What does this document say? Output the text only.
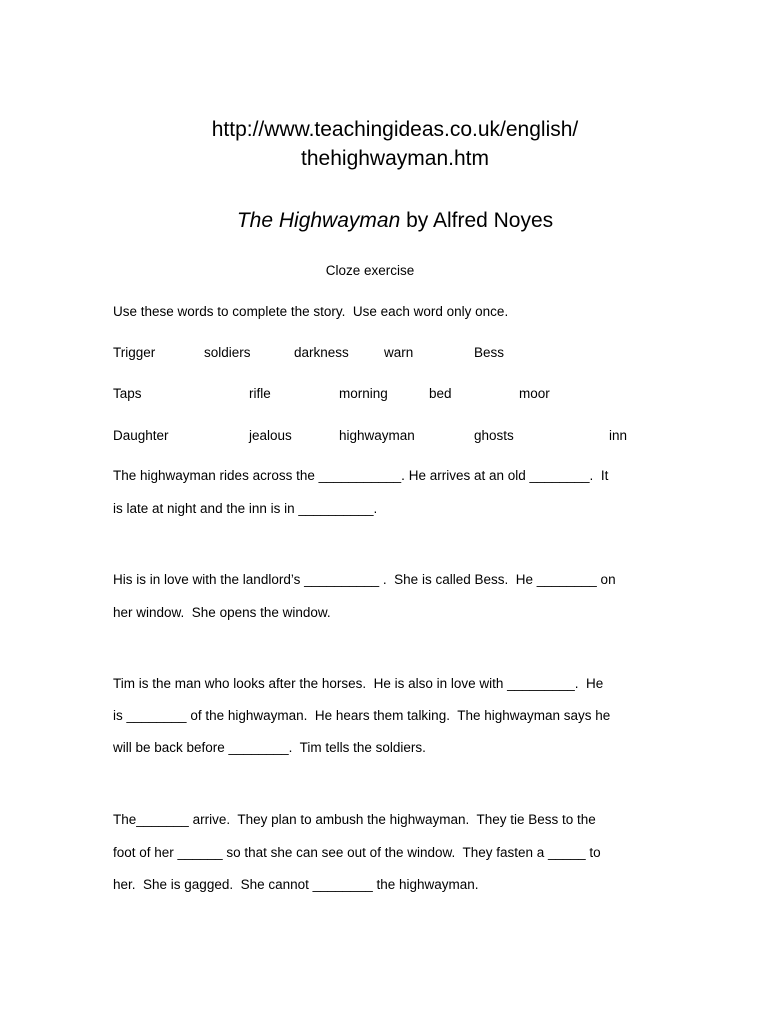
http://www.teachingideas.co.uk/english/
thehighwayman.htm
The Highwayman by Alfred Noyes
Cloze exercise
Use these words to complete the story.  Use each word only once.
Trigger	soldiers	darkness	warn	Bess
Taps	rifle	morning	bed	moor
Daughter	jealous	highwayman	ghosts	inn
The highwayman rides across the ___________. He arrives at an old ________.  It
is late at night and the inn is in __________.
His is in love with the landlord’s __________ .  She is called Bess.  He ________ on
her window.  She opens the window.
Tim is the man who looks after the horses.  He is also in love with _________.  He
is ________ of the highwayman.  He hears them talking.  The highwayman says he
will be back before ________.  Tim tells the soldiers.
The_______ arrive.  They plan to ambush the highwayman.  They tie Bess to the
foot of her ______ so that she can see out of the window.  They fasten a _____ to
her.  She is gagged.  She cannot ________ the highwayman.
